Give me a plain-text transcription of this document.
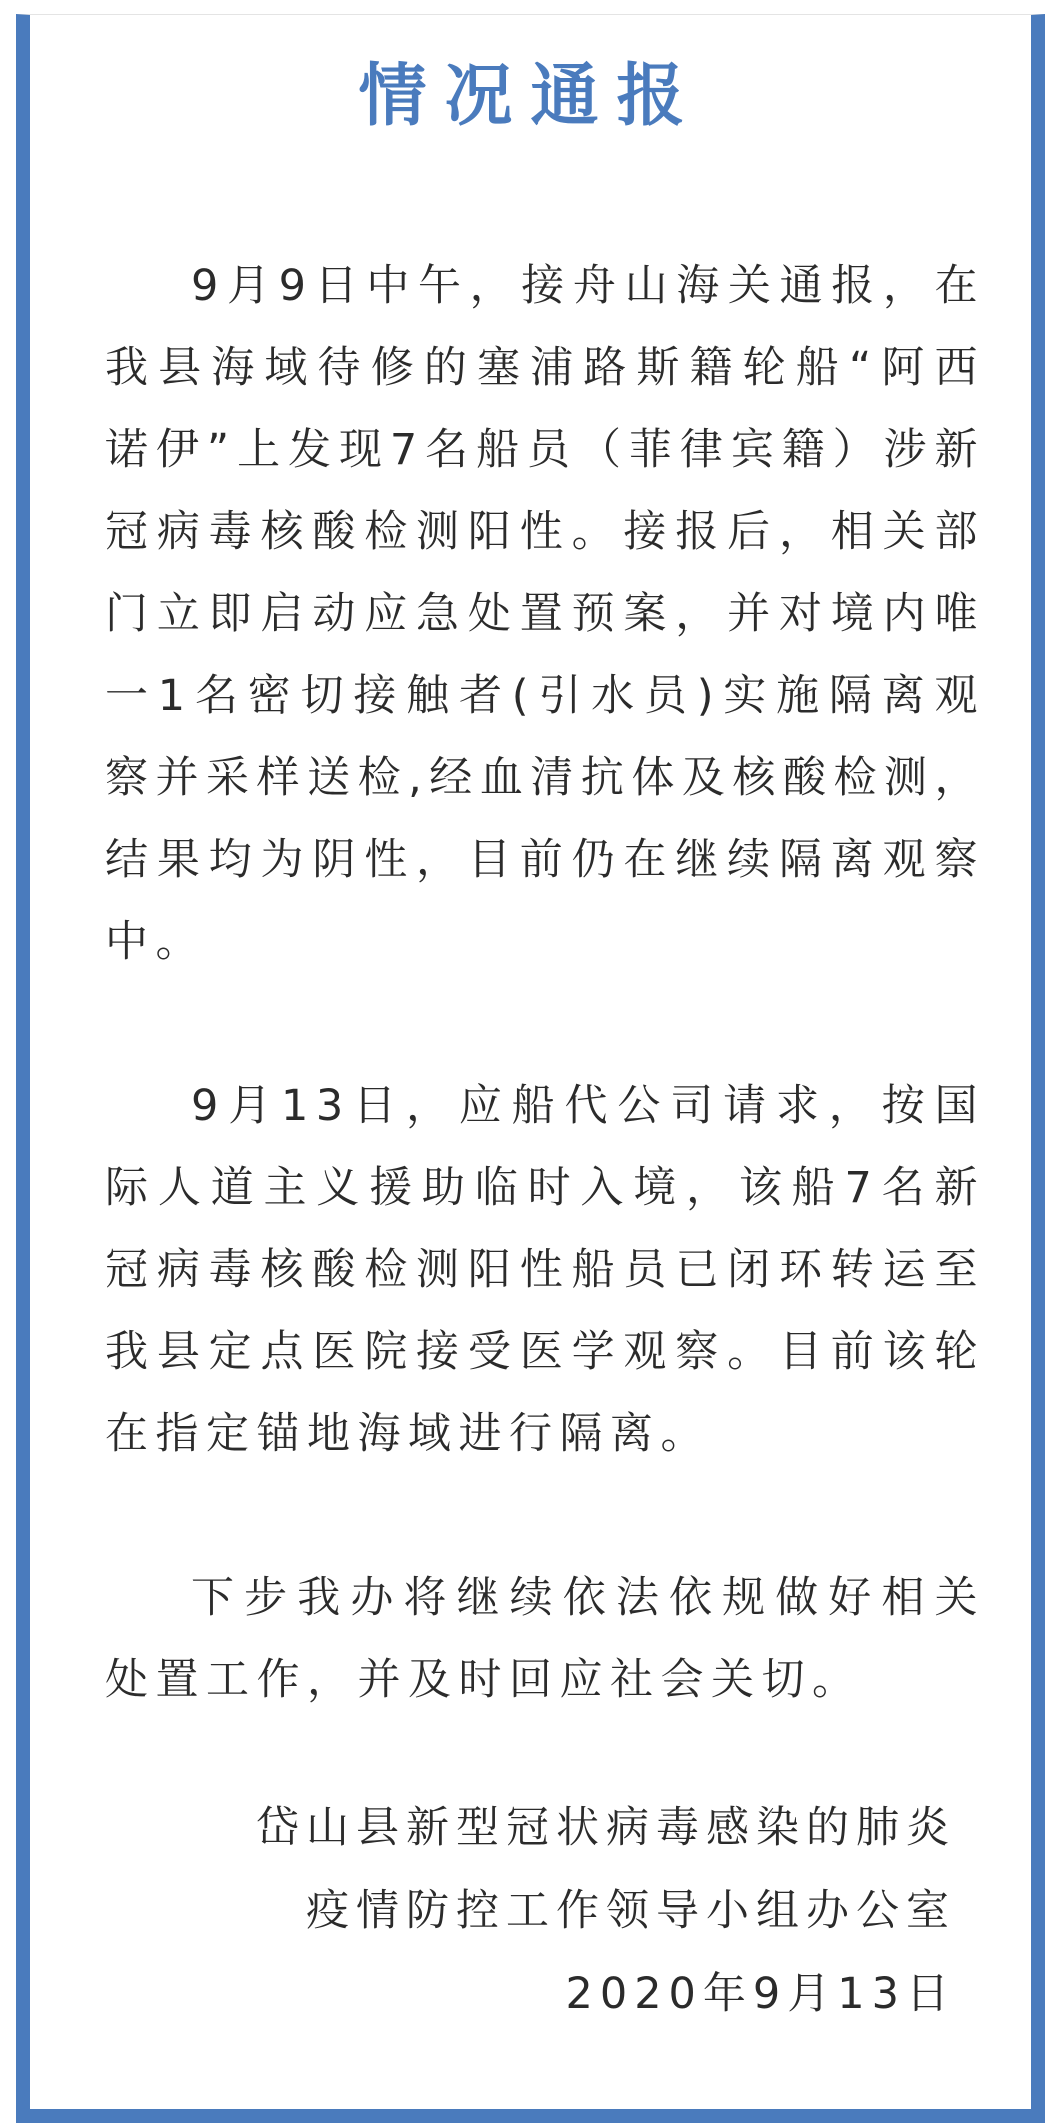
情况通报

9月9日中午，接舟山海关通报，在我县海域待修的塞浦路斯籍轮船“阿西诺伊”上发现7名船员（菲律宾籍）涉新冠病毒核酸检测阳性。接报后，相关部门立即启动应急处置预案，并对境内唯一1名密切接触者(引水员)实施隔离观察并采样送检,经血清抗体及核酸检测，结果均为阴性，目前仍在继续隔离观察中。

9月13日，应船代公司请求，按国际人道主义援助临时入境，该船7名新冠病毒核酸检测阳性船员已闭环转运至我县定点医院接受医学观察。目前该轮在指定锚地海域进行隔离。

下步我办将继续依法依规做好相关处置工作，并及时回应社会关切。

岱山县新型冠状病毒感染的肺炎
疫情防控工作领导小组办公室
2020年9月13日
